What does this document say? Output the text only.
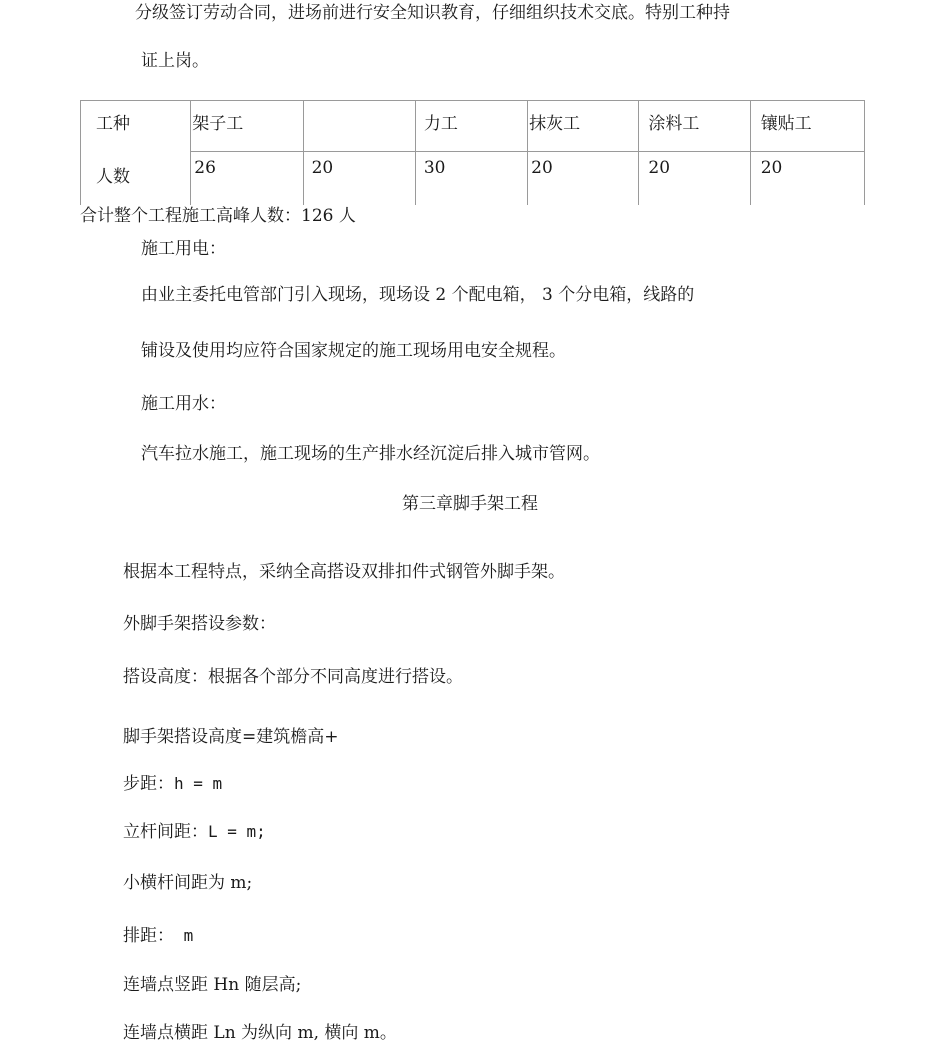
分级签订劳动合同，进场前进行安全知识教育，仔细组织技术交底。特别工种持
证上岗。
工种	架子工		力工	抹灰工	涂料工	镶贴工
人数	26	20	30	20	20	20
合计整个工程施工高峰人数：126 人
施工用电：
由业主委托电管部门引入现场，现场设 2 个配电箱， 3 个分电箱，线路的
铺设及使用均应符合国家规定的施工现场用电安全规程。
施工用水：
汽车拉水施工，施工现场的生产排水经沉淀后排入城市管网。
第三章脚手架工程
根据本工程特点，采纳全高搭设双排扣件式钢管外脚手架。
外脚手架搭设参数：
搭设高度：根据各个部分不同高度进行搭设。
脚手架搭设高度=建筑檐高+
步距：h = m
立杆间距：L = m;
小横杆间距为 m;
排距： m
连墙点竖距 Hn 随层高;
连墙点横距 Ln 为纵向 m, 横向 m。
